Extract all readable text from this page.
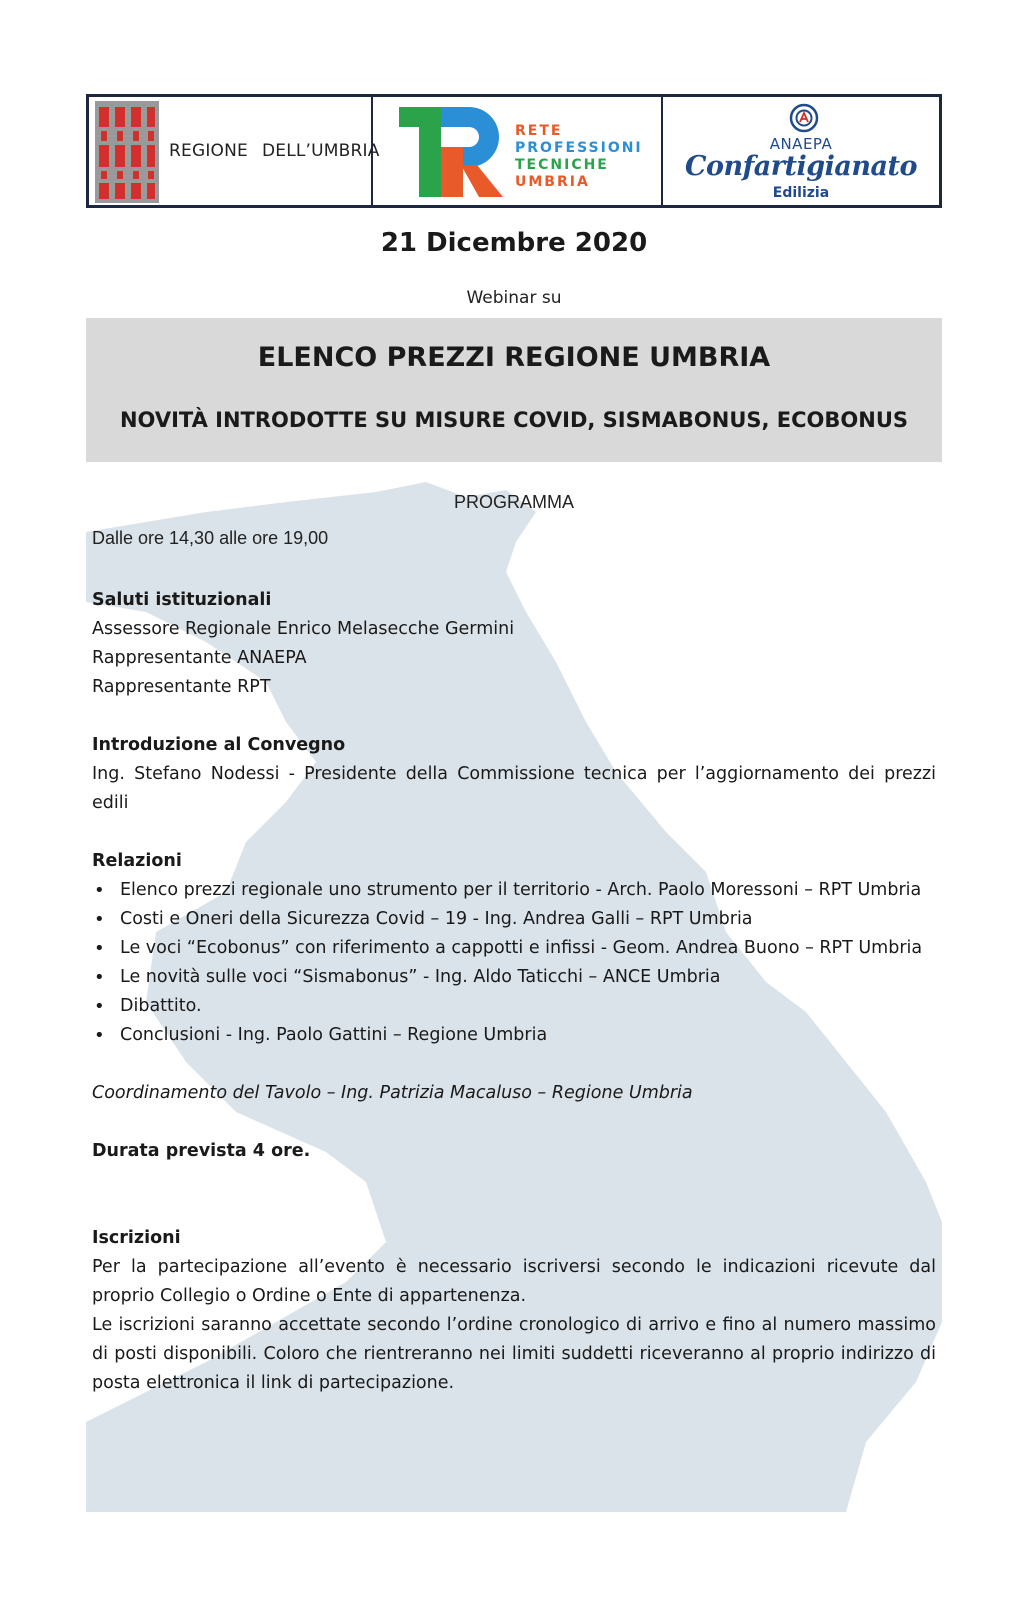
REGIONE DELL’UMBRIA
RETE
PROFESSIONI
TECNICHE
UMBRIA
ANAEPA
Confartigianato
Edilizia
21 Dicembre 2020
Webinar su
ELENCO PREZZI REGIONE UMBRIA
NOVITÀ INTRODOTTE SU MISURE COVID, SISMABONUS, ECOBONUS
PROGRAMMA
Dalle ore 14,30 alle ore 19,00

Saluti istituzionali

Assessore Regionale Enrico Melasecche Germini

Rappresentante ANAEPA

Rappresentante RPT

Introduzione al Convegno

Ing. Stefano Nodessi - Presidente della Commissione tecnica per l’aggiornamento dei prezzi edili

Relazioni

• Elenco prezzi regionale uno strumento per il territorio - Arch. Paolo Moressoni – RPT Umbria
• Costi e Oneri della Sicurezza Covid – 19 - Ing. Andrea Galli – RPT Umbria
• Le voci “Ecobonus” con riferimento a cappotti e infissi - Geom. Andrea Buono – RPT Umbria
• Le novità sulle voci “Sismabonus” - Ing. Aldo Taticchi – ANCE Umbria
• Dibattito.
• Conclusioni - Ing. Paolo Gattini – Regione Umbria

Coordinamento del Tavolo – Ing. Patrizia Macaluso – Regione Umbria

Durata prevista 4 ore.

Iscrizioni

Per la partecipazione all’evento è necessario iscriversi secondo le indicazioni ricevute dal proprio Collegio o Ordine o Ente di appartenenza.

Le iscrizioni saranno accettate secondo l’ordine cronologico di arrivo e fino al numero massimo di posti disponibili. Coloro che rientreranno nei limiti suddetti riceveranno al proprio indirizzo di posta elettronica il link di partecipazione.
